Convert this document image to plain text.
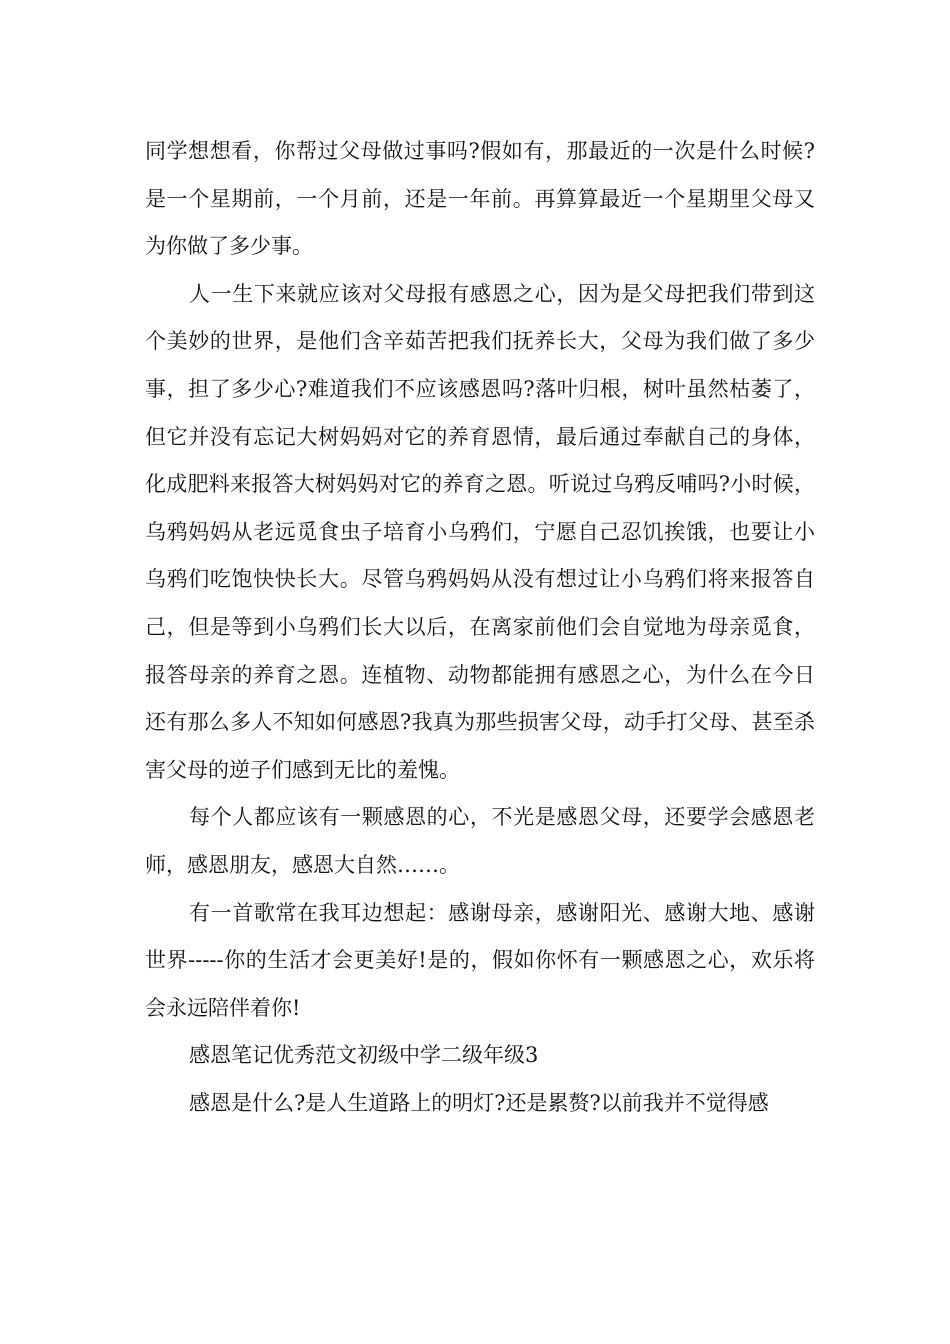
同学想想看，你帮过父母做过事吗?假如有，那最近的一次是什么时候?是一个星期前，一个月前，还是一年前。再算算最近一个星期里父母又为你做了多少事。

人一生下来就应该对父母报有感恩之心，因为是父母把我们带到这个美妙的世界，是他们含辛茹苦把我们抚养长大，父母为我们做了多少事，担了多少心?难道我们不应该感恩吗?落叶归根，树叶虽然枯萎了，但它并没有忘记大树妈妈对它的养育恩情，最后通过奉献自己的身体，化成肥料来报答大树妈妈对它的养育之恩。听说过乌鸦反哺吗?小时候，乌鸦妈妈从老远觅食虫子培育小乌鸦们，宁愿自己忍饥挨饿，也要让小乌鸦们吃饱快快长大。尽管乌鸦妈妈从没有想过让小乌鸦们将来报答自己，但是等到小乌鸦们长大以后，在离家前他们会自觉地为母亲觅食，报答母亲的养育之恩。连植物、动物都能拥有感恩之心，为什么在今日还有那么多人不知如何感恩?我真为那些损害父母，动手打父母、甚至杀害父母的逆子们感到无比的羞愧。

每个人都应该有一颗感恩的心，不光是感恩父母，还要学会感恩老师，感恩朋友，感恩大自然……。

有一首歌常在我耳边想起：感谢母亲，感谢阳光、感谢大地、感谢世界-----你的生活才会更美好!是的，假如你怀有一颗感恩之心，欢乐将会永远陪伴着你!

感恩笔记优秀范文初级中学二级年级3

感恩是什么?是人生道路上的明灯?还是累赘?以前我并不觉得感
